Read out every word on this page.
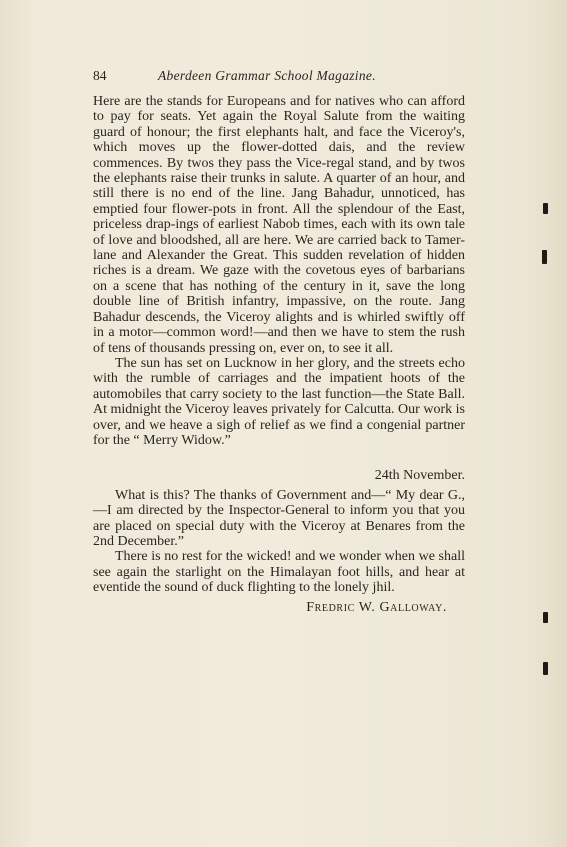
84	Aberdeen Grammar School Magazine.

Here are the stands for Europeans and for natives who can afford to pay for seats. Yet again the Royal Salute from the waiting guard of honour; the first elephants halt, and face the Viceroy's, which moves up the flower-dotted dais, and the review commences. By twos they pass the Vice-regal stand, and by twos the elephants raise their trunks in salute. A quarter of an hour, and still there is no end of the line. Jang Bahadur, unnoticed, has emptied four flower-pots in front. All the splendour of the East, priceless drap-ings of earliest Nabob times, each with its own tale of love and bloodshed, all are here. We are carried back to Tamer-lane and Alexander the Great. This sudden revelation of hidden riches is a dream. We gaze with the covetous eyes of barbarians on a scene that has nothing of the century in it, save the long double line of British infantry, impassive, on the route. Jang Bahadur descends, the Viceroy alights and is whirled swiftly off in a motor—common word!—and then we have to stem the rush of tens of thousands pressing on, ever on, to see it all.

The sun has set on Lucknow in her glory, and the streets echo with the rumble of carriages and the impatient hoots of the automobiles that carry society to the last function—the State Ball. At midnight the Viceroy leaves privately for Calcutta. Our work is over, and we heave a sigh of relief as we find a congenial partner for the “ Merry Widow.”

24th November.

What is this? The thanks of Government and—“ My dear G.,—I am directed by the Inspector-General to inform you that you are placed on special duty with the Viceroy at Benares from the 2nd December.”

There is no rest for the wicked! and we wonder when we shall see again the starlight on the Himalayan foot hills, and hear at eventide the sound of duck flighting to the lonely jhil.

Fredric W. Galloway.
